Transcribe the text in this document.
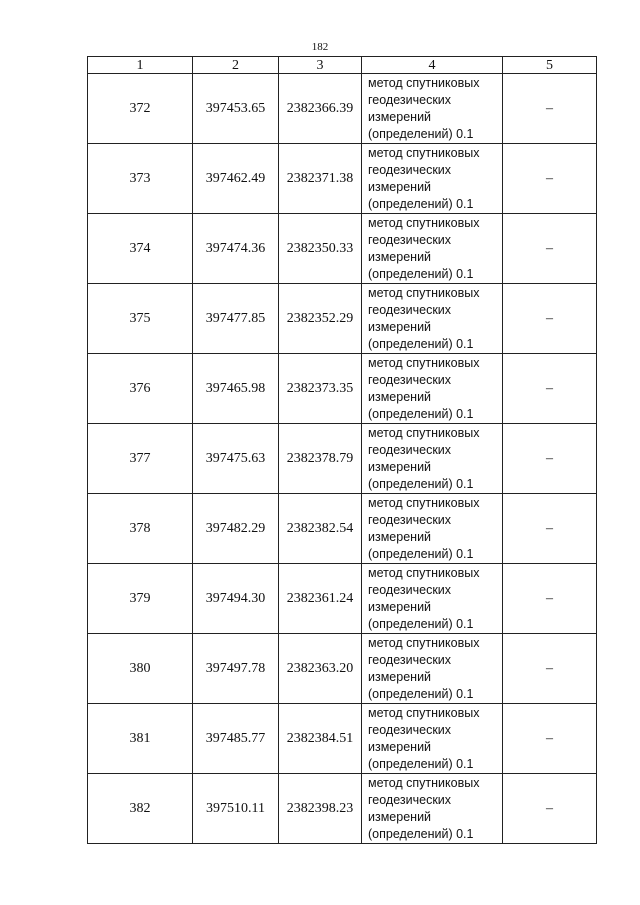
182
1	2	3	4	5
372	397453.65	2382366.39	метод спутниковых
геодезических
измерений
(определений) 0.1	–
373	397462.49	2382371.38	метод спутниковых
геодезических
измерений
(определений) 0.1	–
374	397474.36	2382350.33	метод спутниковых
геодезических
измерений
(определений) 0.1	–
375	397477.85	2382352.29	метод спутниковых
геодезических
измерений
(определений) 0.1	–
376	397465.98	2382373.35	метод спутниковых
геодезических
измерений
(определений) 0.1	–
377	397475.63	2382378.79	метод спутниковых
геодезических
измерений
(определений) 0.1	–
378	397482.29	2382382.54	метод спутниковых
геодезических
измерений
(определений) 0.1	–
379	397494.30	2382361.24	метод спутниковых
геодезических
измерений
(определений) 0.1	–
380	397497.78	2382363.20	метод спутниковых
геодезических
измерений
(определений) 0.1	–
381	397485.77	2382384.51	метод спутниковых
геодезических
измерений
(определений) 0.1	–
382	397510.11	2382398.23	метод спутниковых
геодезических
измерений
(определений) 0.1	–
